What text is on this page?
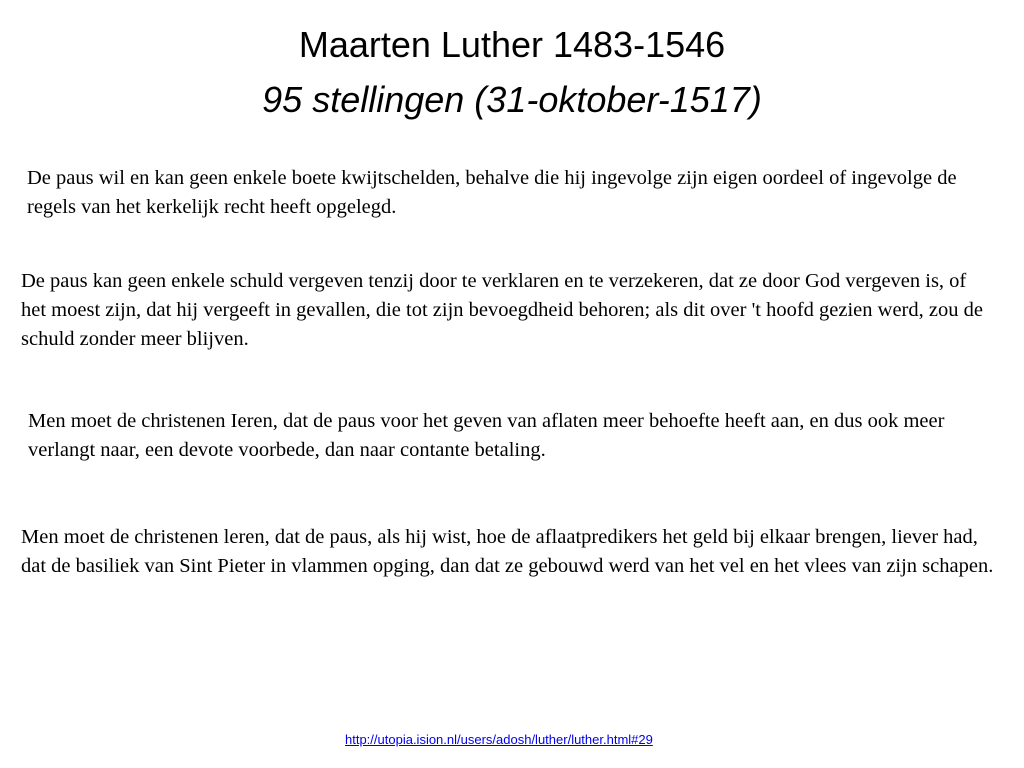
Maarten Luther 1483-1546
95 stellingen (31-oktober-1517)

De paus wil en kan geen enkele boete kwijtschelden, behalve die hij ingevolge zijn eigen oordeel of ingevolge de regels van het kerkelijk recht heeft opgelegd.

De paus kan geen enkele schuld vergeven tenzij door te verklaren en te verzekeren, dat ze door God vergeven is, of het moest zijn, dat hij vergeeft in gevallen, die tot zijn bevoegdheid behoren; als dit over 't hoofd gezien werd, zou de schuld zonder meer blijven.

Men moet de christenen Ieren, dat de paus voor het geven van aflaten meer behoefte heeft aan, en dus ook meer verlangt naar, een devote voorbede, dan naar contante betaling.

Men moet de christenen leren, dat de paus, als hij wist, hoe de aflaatpredikers het geld bij elkaar brengen, liever had, dat de basiliek van Sint Pieter in vlammen opging, dan dat ze gebouwd werd van het vel en het vlees van zijn schapen.

http://utopia.ision.nl/users/adosh/luther/luther.html#29
